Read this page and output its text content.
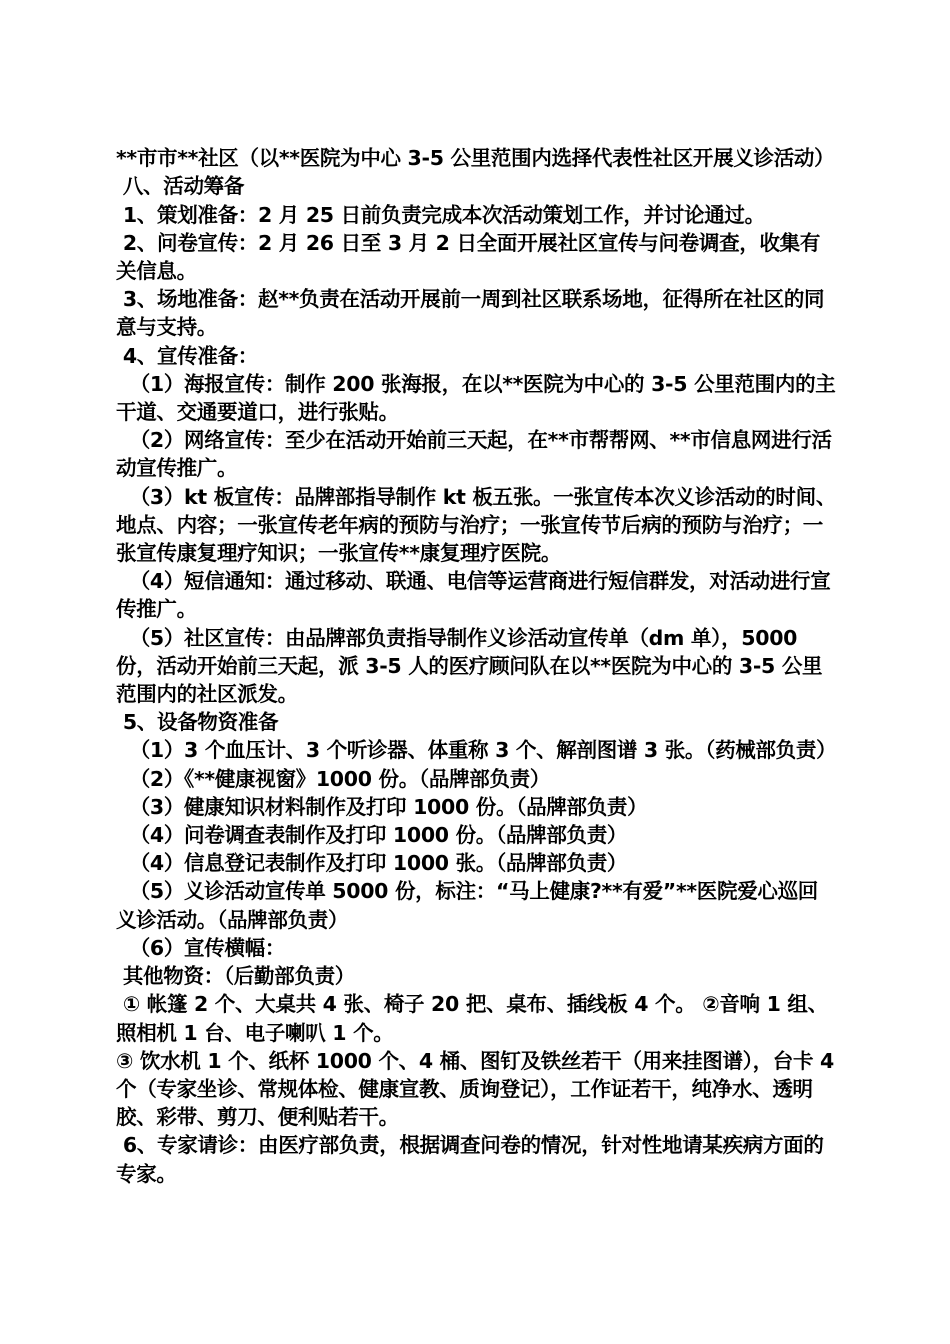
**市市**社区（以**医院为中心 3-5 公里范围内选择代表性社区开展义诊活动）

八、活动筹备

1、策划准备：2 月 25 日前负责完成本次活动策划工作，并讨论通过。

2、问卷宣传：2 月 26 日至 3 月 2 日全面开展社区宣传与问卷调查，收集有关信息。

3、场地准备：赵**负责在活动开展前一周到社区联系场地，征得所在社区的同意与支持。

4、宣传准备：

（1）海报宣传：制作 200 张海报，在以**医院为中心的 3-5 公里范围内的主干道、交通要道口，进行张贴。

（2）网络宣传：至少在活动开始前三天起，在**市帮帮网、**市信息网进行活动宣传推广。

（3）kt 板宣传：品牌部指导制作 kt 板五张。一张宣传本次义诊活动的时间、地点、内容；一张宣传老年病的预防与治疗；一张宣传节后病的预防与治疗；一张宣传康复理疗知识；一张宣传**康复理疗医院。

（4）短信通知：通过移动、联通、电信等运营商进行短信群发，对活动进行宣传推广。

（5）社区宣传：由品牌部负责指导制作义诊活动宣传单（dm 单），5000 份，活动开始前三天起，派 3-5 人的医疗顾问队在以**医院为中心的 3-5 公里范围内的社区派发。

5、设备物资准备

（1）3 个血压计、3 个听诊器、体重称 3 个、解剖图谱 3 张。（药械部负责）

（2）《**健康视窗》1000 份。（品牌部负责）

（3）健康知识材料制作及打印 1000 份。（品牌部负责）

（4）问卷调查表制作及打印 1000 份。（品牌部负责）

（4）信息登记表制作及打印 1000 张。（品牌部负责）

（5）义诊活动宣传单 5000 份，标注：“马上健康?**有爱”**医院爱心巡回义诊活动。（品牌部负责）

（6）宣传横幅：

其他物资：（后勤部负责）

① 帐篷 2 个、大桌共 4 张、椅子 20 把、桌布、插线板 4 个。 ②音响 1 组、照相机 1 台、电子喇叭 1 个。

③ 饮水机 1 个、纸杯 1000 个、4 桶、图钉及铁丝若干（用来挂图谱），台卡 4 个（专家坐诊、常规体检、健康宣教、质询登记），工作证若干，纯净水、透明胶、彩带、剪刀、便利贴若干。

6、专家请诊：由医疗部负责，根据调查问卷的情况，针对性地请某疾病方面的专家。
